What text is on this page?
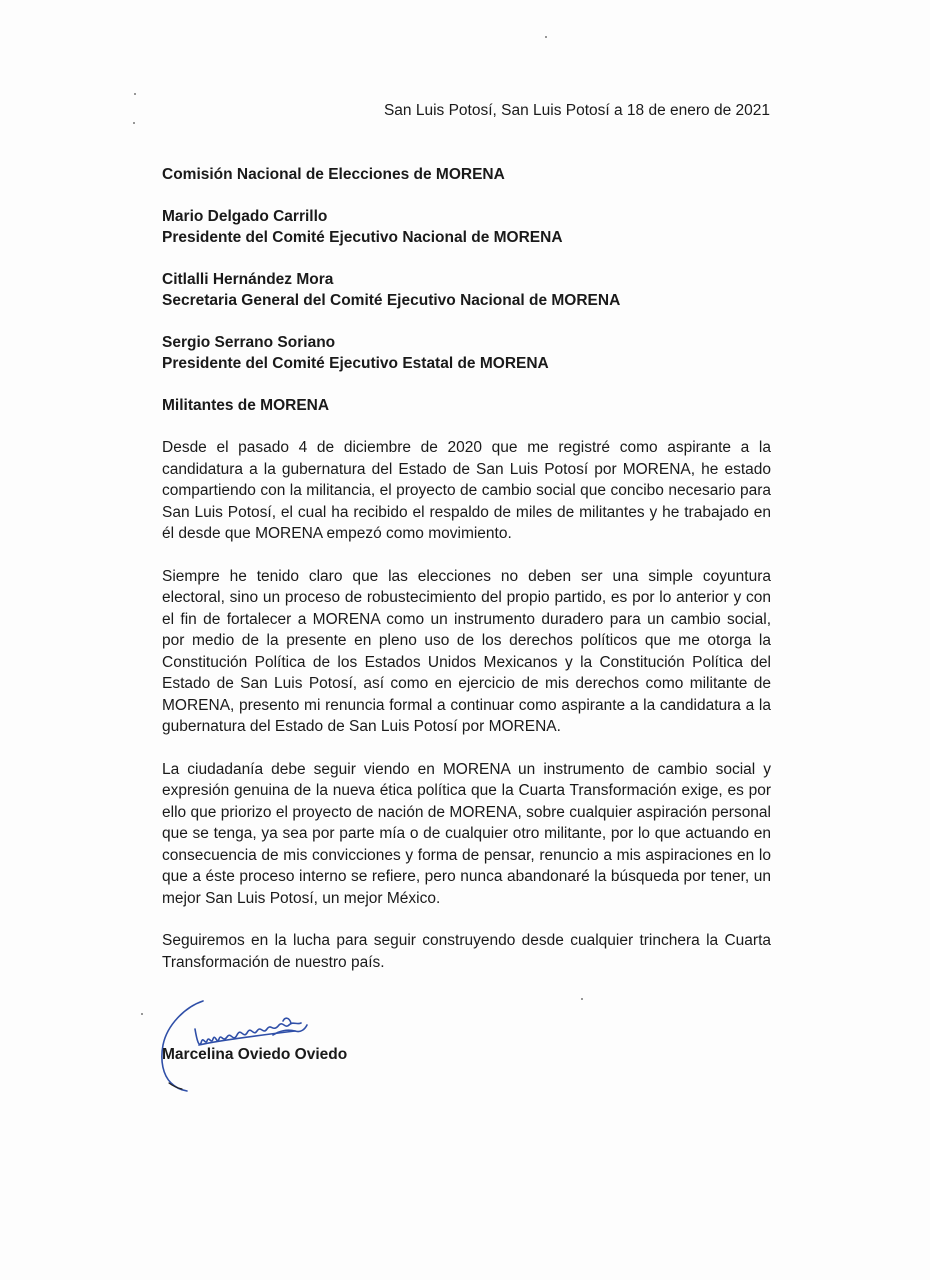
San Luis Potosí, San Luis Potosí a 18 de enero de 2021
Comisión Nacional de Elecciones de MORENA
Mario Delgado Carrillo
Presidente del Comité Ejecutivo Nacional de MORENA
Citlalli Hernández Mora
Secretaria General del Comité Ejecutivo Nacional de MORENA
Sergio Serrano Soriano
Presidente del Comité Ejecutivo Estatal de MORENA
Militantes de MORENA

Desde el pasado 4 de diciembre de 2020 que me registré como aspirante a la candidatura a la gubernatura del Estado de San Luis Potosí por MORENA, he estado compartiendo con la militancia, el proyecto de cambio social que concibo necesario para San Luis Potosí, el cual ha recibido el respaldo de miles de militantes y he trabajado en él desde que MORENA empezó como movimiento.

Siempre he tenido claro que las elecciones no deben ser una simple coyuntura electoral, sino un proceso de robustecimiento del propio partido, es por lo anterior y con el fin de fortalecer a MORENA como un instrumento duradero para un cambio social, por medio de la presente en pleno uso de los derechos políticos que me otorga la Constitución Política de los Estados Unidos Mexicanos y la Constitución Política del Estado de San Luis Potosí, así como en ejercicio de mis derechos como militante de MORENA, presento mi renuncia formal a continuar como aspirante a la candidatura a la gubernatura del Estado de San Luis Potosí por MORENA.

La ciudadanía debe seguir viendo en MORENA un instrumento de cambio social y expresión genuina de la nueva ética política que la Cuarta Transformación exige, es por ello que priorizo el proyecto de nación de MORENA, sobre cualquier aspiración personal que se tenga, ya sea por parte mía o de cualquier otro militante, por lo que actuando en consecuencia de mis convicciones y forma de pensar, renuncio a mis aspiraciones en lo que a éste proceso interno se refiere, pero nunca abandonaré la búsqueda por tener, un mejor San Luis Potosí, un mejor México.

Seguiremos en la lucha para seguir construyendo desde cualquier trinchera la Cuarta Transformación de nuestro país.

Marcelina Oviedo Oviedo
